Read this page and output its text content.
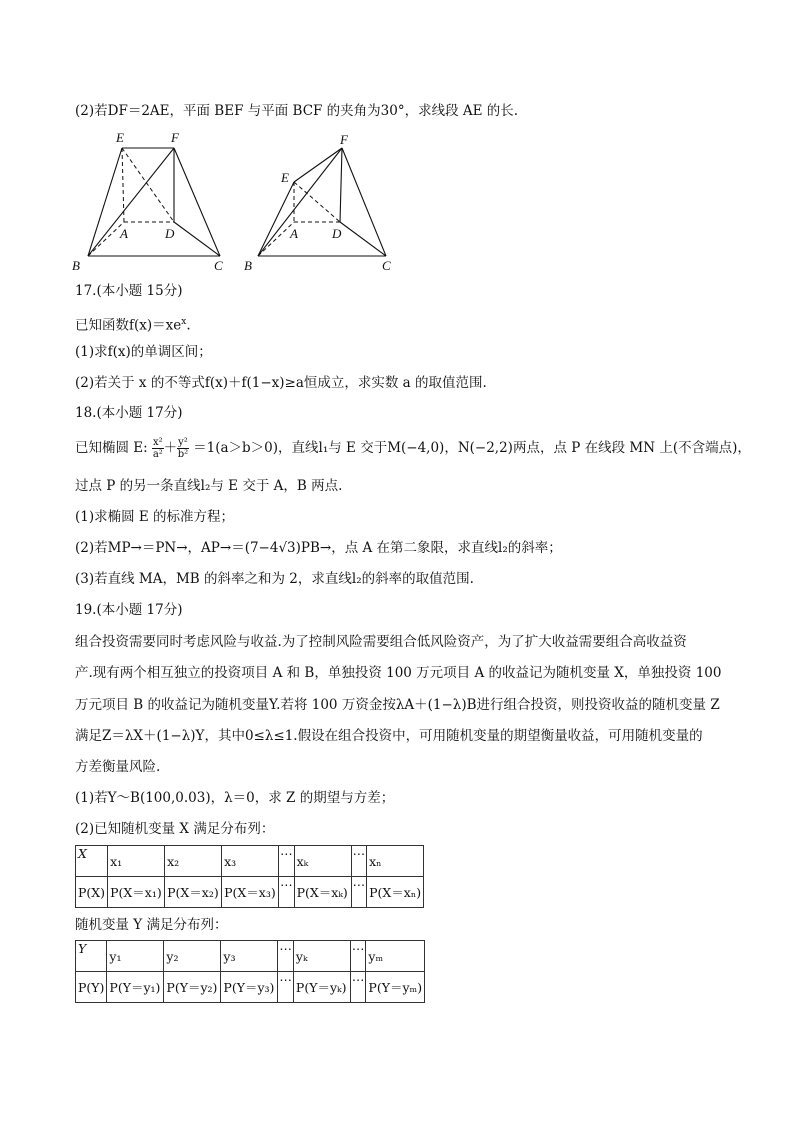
(2)若DF＝2AE，平面 BEF 与平面 BCF 的夹角为30°，求线段 AE 的长.
E	F
A	D
B	C
E
F
A	D
B	C
17.(本小题 15分)
已知函数$f(x)=xe^x$.
(1)求f(x)的单调区间；
(2)若关于 x 的不等式f(x)＋f(1−x)≥a恒成立，求实数 a 的取值范围.
18.(本小题 17分)
已知椭圆 E: $\frac{\text{x²}}{\text{a²}} + \frac{\text{y²}}{\text{b²}} =1(a>b>0)$，直线l₁与 E 交于M(−4,0)，N(−2,2)两点，点 P 在线段 MN 上(不含端点)，
过点 P 的另一条直线l₂与 E 交于 A，B 两点.
(1)求椭圆 E 的标准方程；
(2)若MP→＝PN→，AP→＝(7−4√3)PB→，点 A 在第二象限，求直线l₂的斜率；
(3)若直线 MA，MB 的斜率之和为 2，求直线l₂的斜率的取值范围.
19.(本小题 17分)
组合投资需要同时考虑风险与收益.为了控制风险需要组合低风险资产，为了扩大收益需要组合高收益资
产.现有两个相互独立的投资项目 A 和 B，单独投资 100 万元项目 A 的收益记为随机变量 X，单独投资 100
万元项目 B 的收益记为随机变量Y.若将 100 万资金按λA＋(1−λ)B进行组合投资，则投资收益的随机变量 Z
满足Z＝λX＋(1−λ)Y，其中0≤λ≤1.假设在组合投资中，可用随机变量的期望衡量收益，可用随机变量的
方差衡量风险.
(1)若Y～B(100,0.03)，λ＝0，求 Z 的期望与方差；
(2)已知随机变量 X 满足分布列：
X	x₁	x₂	x₃	⋯	xₖ	⋯	xₙ
P(X)	P(X＝x₁)	P(X＝x₂)	P(X＝x₃)	⋯	P(X＝xₖ)	⋯	P(X＝xₙ)
随机变量 Y 满足分布列：
Y	y₁	y₂	y₃	⋯	yₖ	⋯	yₘ
P(Y)	P(Y＝y₁)	P(Y＝y₂)	P(Y＝y₃)	⋯	P(Y＝yₖ)	⋯	P(Y＝yₘ)
